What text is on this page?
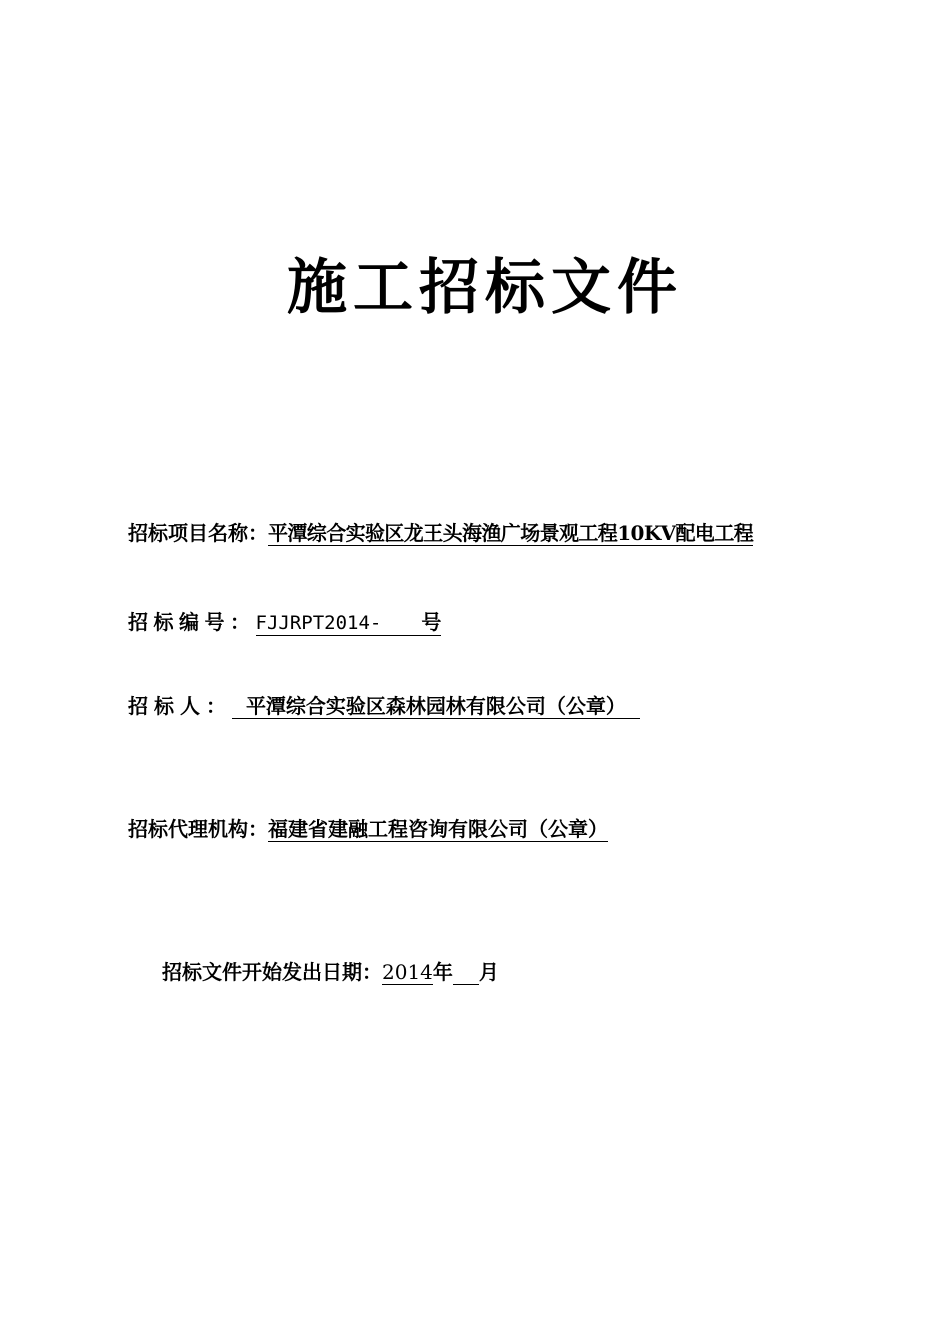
施工招标文件
招标项目名称：平潭综合实验区龙王头海渔广场景观工程10KV配电工程
招标编号：FJJRPT2014- 号
招标人： 平潭综合实验区森林园林有限公司（公章）
招标代理机构：福建省建融工程咨询有限公司（公章）
招标文件开始发出日期：2014年 月
